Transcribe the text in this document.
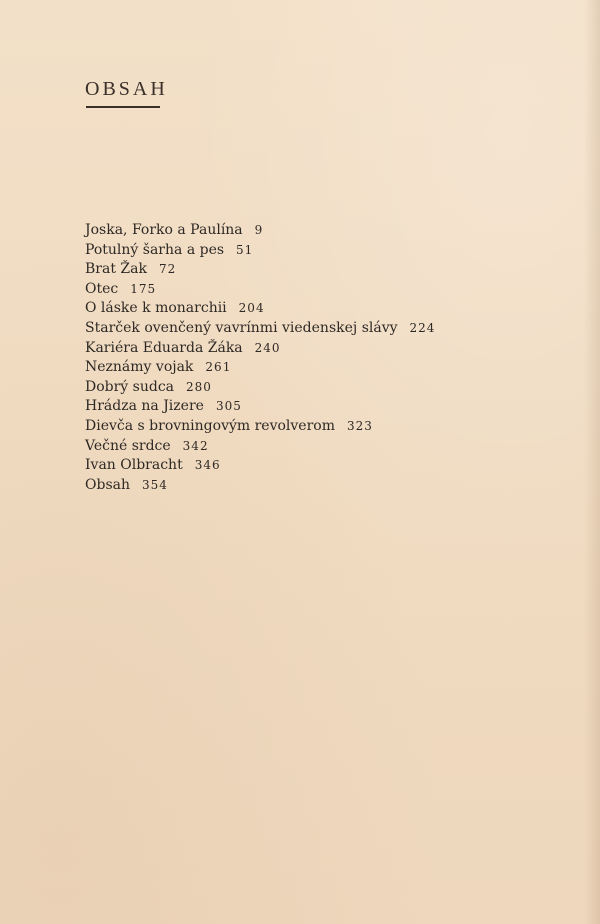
OBSAH
Joska, Forko a Paulína 9
Potulný šarha a pes 51
Brat Žak 72
Otec 175
O láske k monarchii 204
Starček ovenčený vavrínmi viedenskej slávy 224
Kariéra Eduarda Žáka 240
Neznámy vojak 261
Dobrý sudca 280
Hrádza na Jizere 305
Dievča s brovningovým revolverom 323
Večné srdce 342
Ivan Olbracht 346
Obsah 354
